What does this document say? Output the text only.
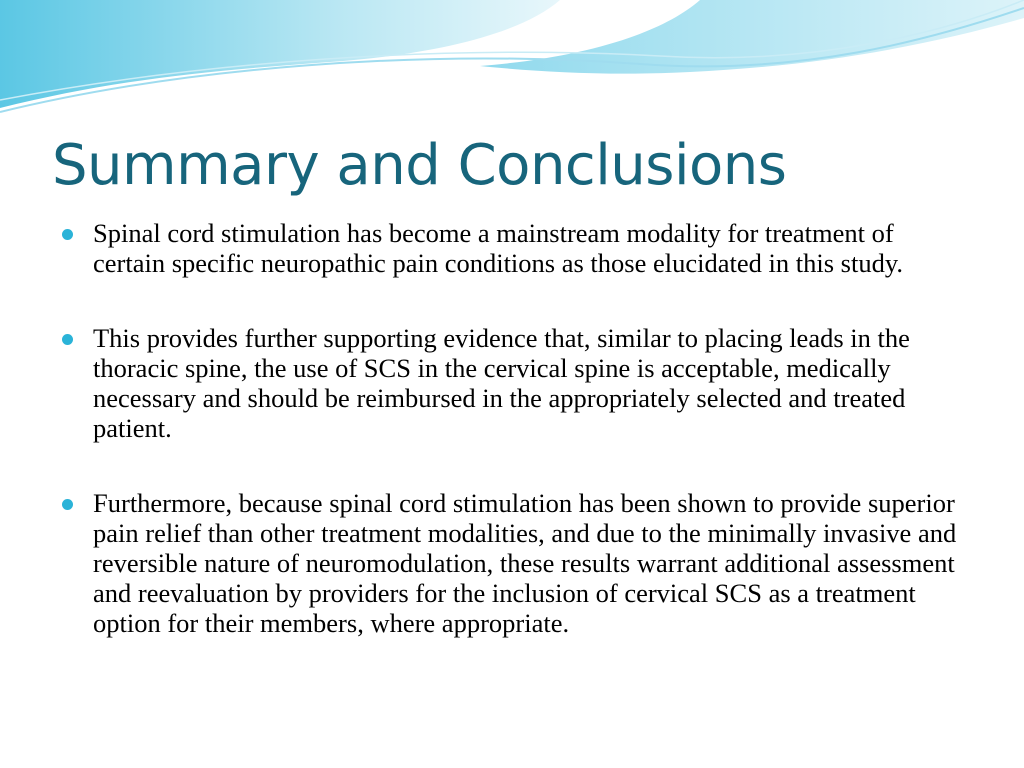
Summary and Conclusions
Spinal cord stimulation has become a mainstream modality for treatment of certain specific neuropathic pain conditions as those elucidated in this study.
This provides further supporting evidence that, similar to placing leads in the thoracic spine, the use of SCS in the cervical spine is acceptable, medically necessary and should be reimbursed in the appropriately selected and treated patient.
Furthermore, because spinal cord stimulation has been shown to provide superior pain relief than other treatment modalities, and due to the minimally invasive and reversible nature of neuromodulation, these results warrant additional assessment and reevaluation by providers for the inclusion of cervical SCS as a treatment option for their members, where appropriate.
